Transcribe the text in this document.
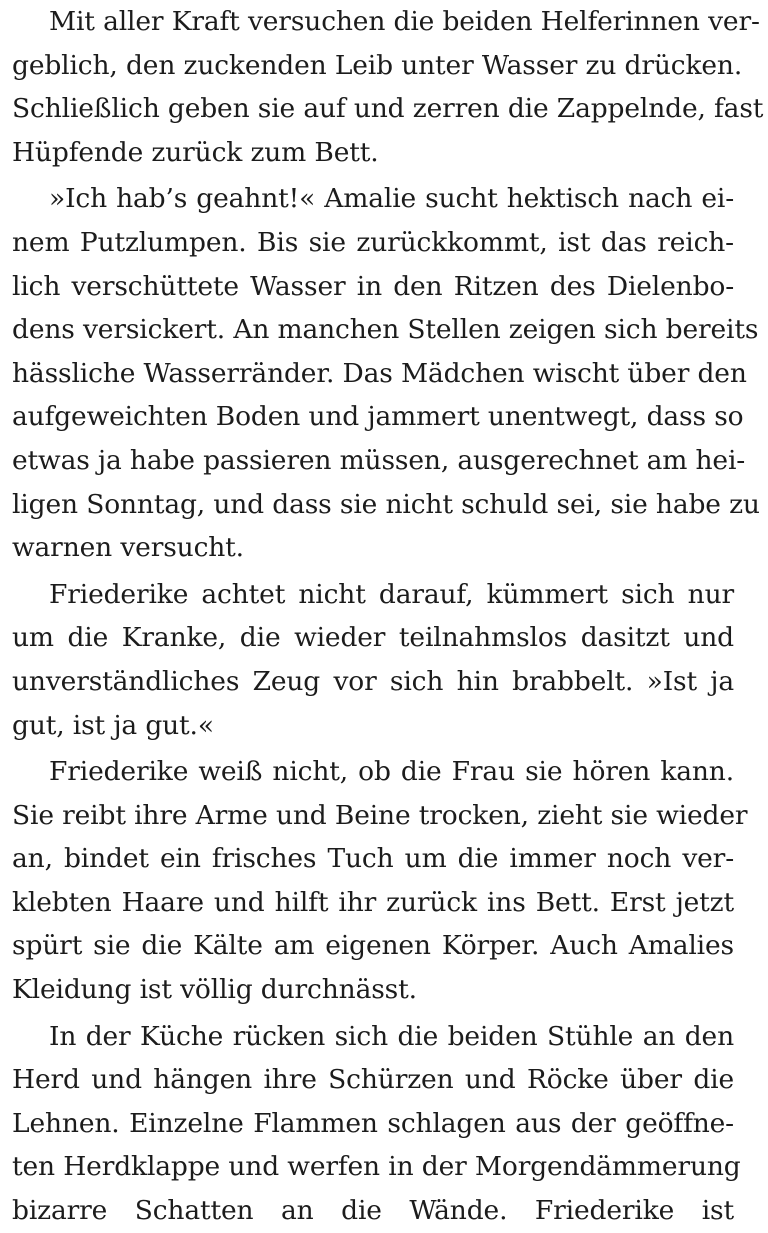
Mit aller Kraft versuchen die beiden Helferinnen ver-
geblich, den zuckenden Leib unter Wasser zu drücken.
Schließlich geben sie auf und zerren die Zappelnde, fast
Hüpfende zurück zum Bett.
»Ich hab’s geahnt!« Amalie sucht hektisch nach ei-
nem Putzlumpen. Bis sie zurückkommt, ist das reich-
lich verschüttete Wasser in den Ritzen des Dielenbo-
dens versickert. An manchen Stellen zeigen sich bereits
hässliche Wasserränder. Das Mädchen wischt über den
aufgeweichten Boden und jammert unentwegt, dass so
etwas ja habe passieren müssen, ausgerechnet am hei-
ligen Sonntag, und dass sie nicht schuld sei, sie habe zu
warnen versucht.
Friederike achtet nicht darauf, kümmert sich nur
um die Kranke, die wieder teilnahmslos dasitzt und
unverständliches Zeug vor sich hin brabbelt. »Ist ja
gut, ist ja gut.«
Friederike weiß nicht, ob die Frau sie hören kann.
Sie reibt ihre Arme und Beine trocken, zieht sie wieder
an, bindet ein frisches Tuch um die immer noch ver-
klebten Haare und hilft ihr zurück ins Bett. Erst jetzt
spürt sie die Kälte am eigenen Körper. Auch Amalies
Kleidung ist völlig durchnässt.
In der Küche rücken sich die beiden Stühle an den
Herd und hängen ihre Schürzen und Röcke über die
Lehnen. Einzelne Flammen schlagen aus der geöffne-
ten Herdklappe und werfen in der Morgendämmerung
bizarre Schatten an die Wände. Friederike ist
